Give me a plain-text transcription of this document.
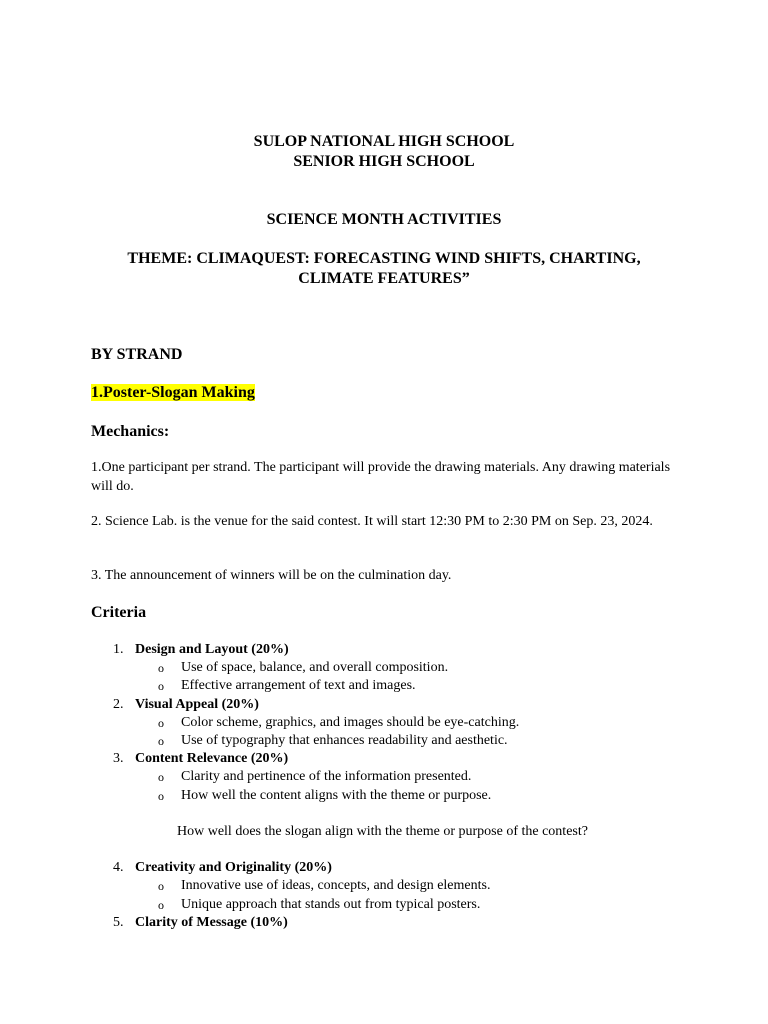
SULOP NATIONAL HIGH SCHOOL
SENIOR HIGH SCHOOL
SCIENCE MONTH ACTIVITIES
THEME: CLIMAQUEST: FORECASTING WIND SHIFTS, CHARTING,
CLIMATE FEATURES”
BY STRAND
1.Poster-Slogan Making
Mechanics:
1.One participant per strand. The participant will provide the drawing materials. Any drawing materials will do.
2. Science Lab. is the venue for the said contest. It will start 12:30 PM to 2:30 PM on Sep. 23, 2024.
3. The announcement of winners will be on the culmination day.
Criteria
1. Design and Layout (20%)
o Use of space, balance, and overall composition.
o Effective arrangement of text and images.
2. Visual Appeal (20%)
o Color scheme, graphics, and images should be eye-catching.
o Use of typography that enhances readability and aesthetic.
3. Content Relevance (20%)
o Clarity and pertinence of the information presented.
o How well the content aligns with the theme or purpose.
How well does the slogan align with the theme or purpose of the contest?
4. Creativity and Originality (20%)
o Innovative use of ideas, concepts, and design elements.
o Unique approach that stands out from typical posters.
5. Clarity of Message (10%)
